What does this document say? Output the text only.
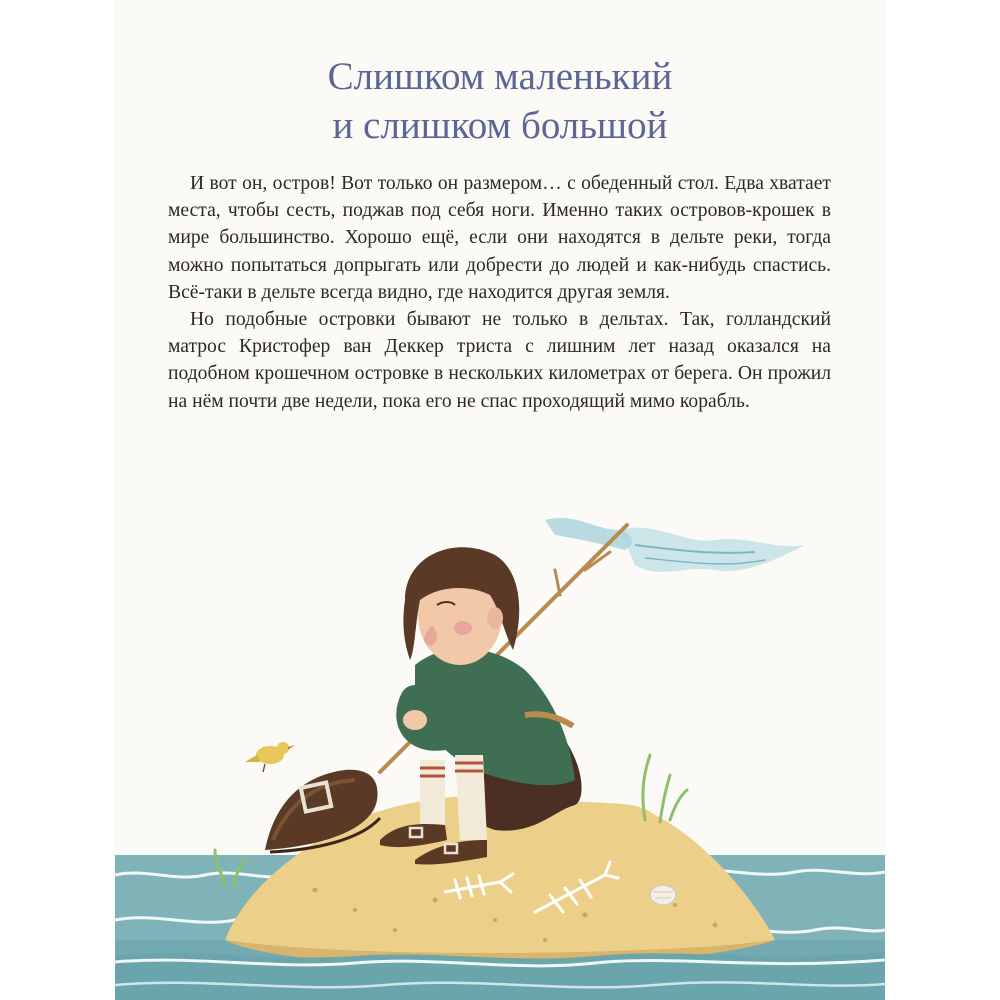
Слишком маленький
и слишком большой

И вот он, остров! Вот только он размером… с обеденный стол. Едва хватает места, чтобы сесть, поджав под себя ноги. Именно таких островов-крошек в мире большинство. Хорошо ещё, если они находятся в дельте реки, тогда можно попытаться допрыгать или добрести до людей и как-нибудь спастись. Всё-таки в дельте всегда видно, где находится другая земля.

Но подобные островки бывают не только в дельтах. Так, голландский матрос Кристофер ван Деккер триста с лишним лет назад оказался на подобном крошечном островке в нескольких километрах от берега. Он прожил на нём почти две недели, пока его не спас проходящий мимо корабль.
